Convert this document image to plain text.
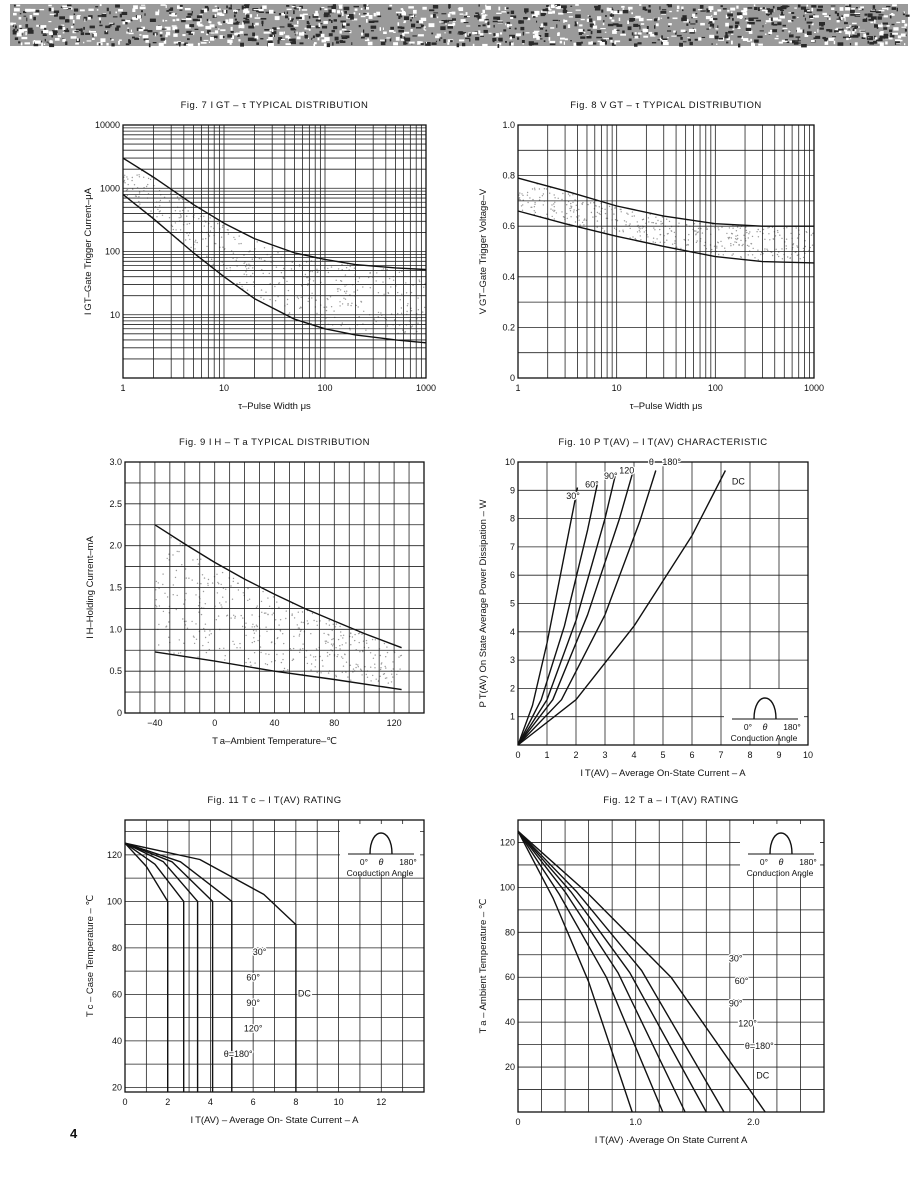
Fig. 7 I GT – τ TYPICAL DISTRIBUTION
1	10	100	1000
10
100
1000
10000
τ–Pulse Width μs
I GT–Gate Trigger Current–μA
Fig. 8 V GT – τ TYPICAL DISTRIBUTION
1	10	100	1000
0
0.2
0.4
0.6
0.8
1.0
τ–Pulse Width μs
V GT–Gate Trigger Voltage–V
Fig. 9 I H – T a TYPICAL DISTRIBUTION
−40	0	40	80	120
0
0.5
1.0
1.5
2.0
2.5
3.0
T a–Ambient Temperature–℃
I H–Holding Current–mA
Fig. 10 P T(AV) – I T(AV) CHARACTERISTIC
0	1	2	3	4	5	6	7	8	9 10
1
2
3
4
5
6
7
8
9
10
I T(AV) – Average On-State Current – A
P T(AV) On State Average Power Dissipation – W
30°
60°
90°
120
θ 180°
DC
0° θ 180°
Conduction Angle
Fig. 11 T c – I T(AV) RATING
0	2	4	6	8	10	12
20
40
60
80
100
120
I T(AV) – Average On- State Current – A
T c – Case Temperature – ℃	30°
60°
90°
120°
θ=180°
DC
0° θ 180°
Conduction Angle
Fig. 12 T a – I T(AV) RATING
0	1.0	2.0
20
40
60
80
100
120
I T(AV) ·Average On State Current A
T a – Ambient Temperature – ℃	30°
60°
90°
120°
θ=180°
DC
0° θ 180°
Conduction Angle
4
